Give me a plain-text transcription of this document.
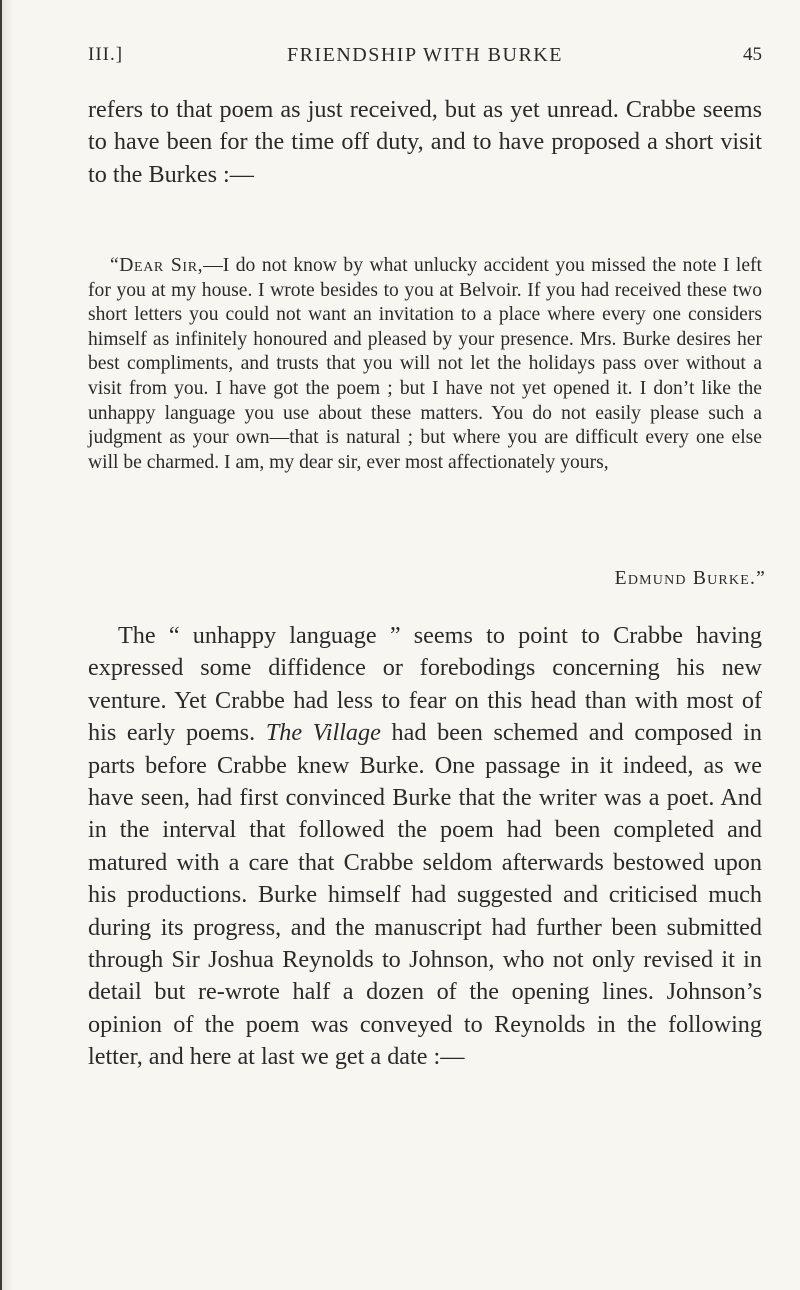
III.]	FRIENDSHIP WITH BURKE	45

refers to that poem as just received, but as yet unread. Crabbe seems to have been for the time off duty, and to have proposed a short visit to the Burkes :—

“Dear Sir,—I do not know by what unlucky accident you missed the note I left for you at my house. I wrote besides to you at Belvoir. If you had received these two short letters you could not want an invitation to a place where every one considers himself as infinitely honoured and pleased by your presence. Mrs. Burke desires her best compliments, and trusts that you will not let the holidays pass over without a visit from you. I have got the poem ; but I have not yet opened it. I don’t like the unhappy language you use about these matters. You do not easily please such a judgment as your own—that is natural ; but where you are difficult every one else will be charmed. I am, my dear sir, ever most affectionately yours,

Edmund Burke.”

The “ unhappy language ” seems to point to Crabbe having expressed some diffidence or forebodings concerning his new venture. Yet Crabbe had less to fear on this head than with most of his early poems. The Village had been schemed and composed in parts before Crabbe knew Burke. One passage in it indeed, as we have seen, had first convinced Burke that the writer was a poet. And in the interval that followed the poem had been completed and matured with a care that Crabbe seldom afterwards bestowed upon his productions. Burke himself had suggested and criticised much during its progress, and the manuscript had further been submitted through Sir Joshua Reynolds to Johnson, who not only revised it in detail but re-wrote half a dozen of the opening lines. Johnson’s opinion of the poem was conveyed to Reynolds in the following letter, and here at last we get a date :—
